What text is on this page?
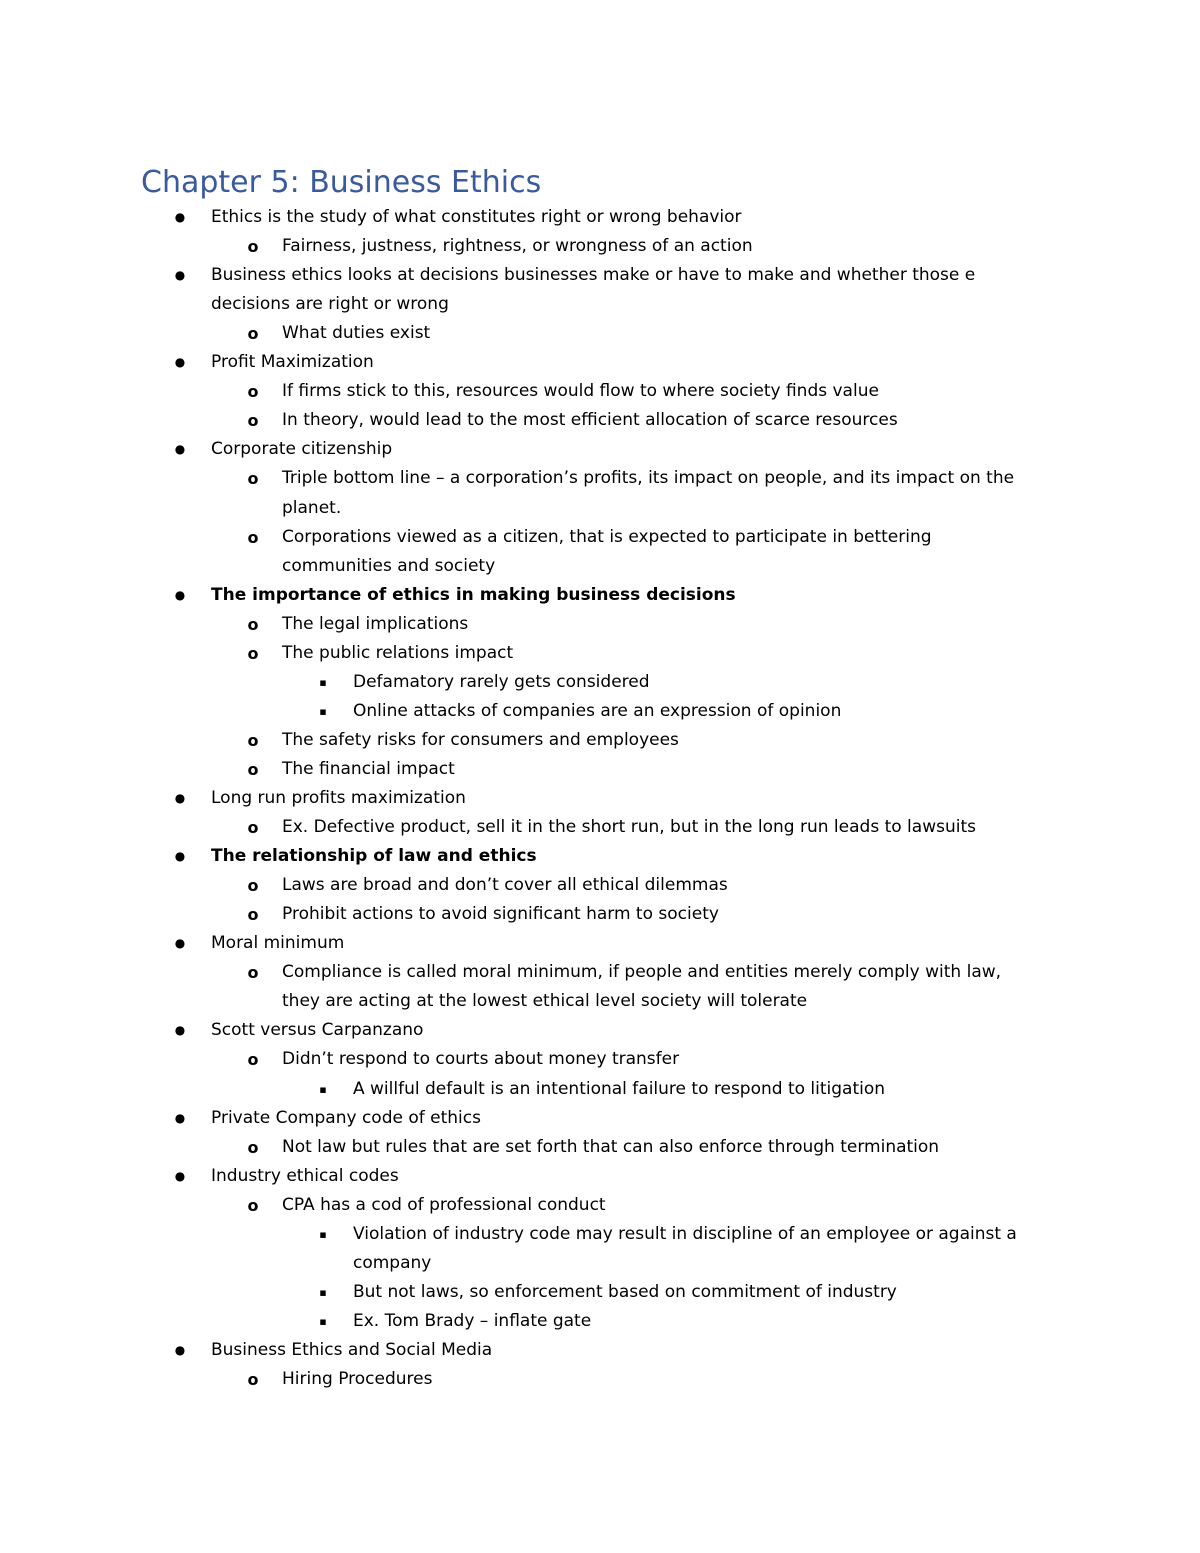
Chapter 5: Business Ethics
● Ethics is the study of what constitutes right or wrong behavior
o Fairness, justness, rightness, or wrongness of an action
● Business ethics looks at decisions businesses make or have to make and whether those e
decisions are right or wrong
o What duties exist
● Profit Maximization
o If firms stick to this, resources would flow to where society finds value
o In theory, would lead to the most efficient allocation of scarce resources
● Corporate citizenship
o Triple bottom line – a corporation’s profits, its impact on people, and its impact on the
planet.
o Corporations viewed as a citizen, that is expected to participate in bettering
communities and society
● The importance of ethics in making business decisions
o The legal implications
o The public relations impact
▪	Defamatory rarely gets considered
▪	Online attacks of companies are an expression of opinion
o The safety risks for consumers and employees
o The financial impact
● Long run profits maximization
o Ex. Defective product, sell it in the short run, but in the long run leads to lawsuits
● The relationship of law and ethics
o Laws are broad and don’t cover all ethical dilemmas
o Prohibit actions to avoid significant harm to society
● Moral minimum
o Compliance is called moral minimum, if people and entities merely comply with law,
they are acting at the lowest ethical level society will tolerate
● Scott versus Carpanzano
o Didn’t respond to courts about money transfer
▪	A willful default is an intentional failure to respond to litigation
● Private Company code of ethics
o Not law but rules that are set forth that can also enforce through termination
● Industry ethical codes
o CPA has a cod of professional conduct
▪	Violation of industry code may result in discipline of an employee or against a
company
▪	But not laws, so enforcement based on commitment of industry
▪	Ex. Tom Brady – inflate gate
● Business Ethics and Social Media
o Hiring Procedures
